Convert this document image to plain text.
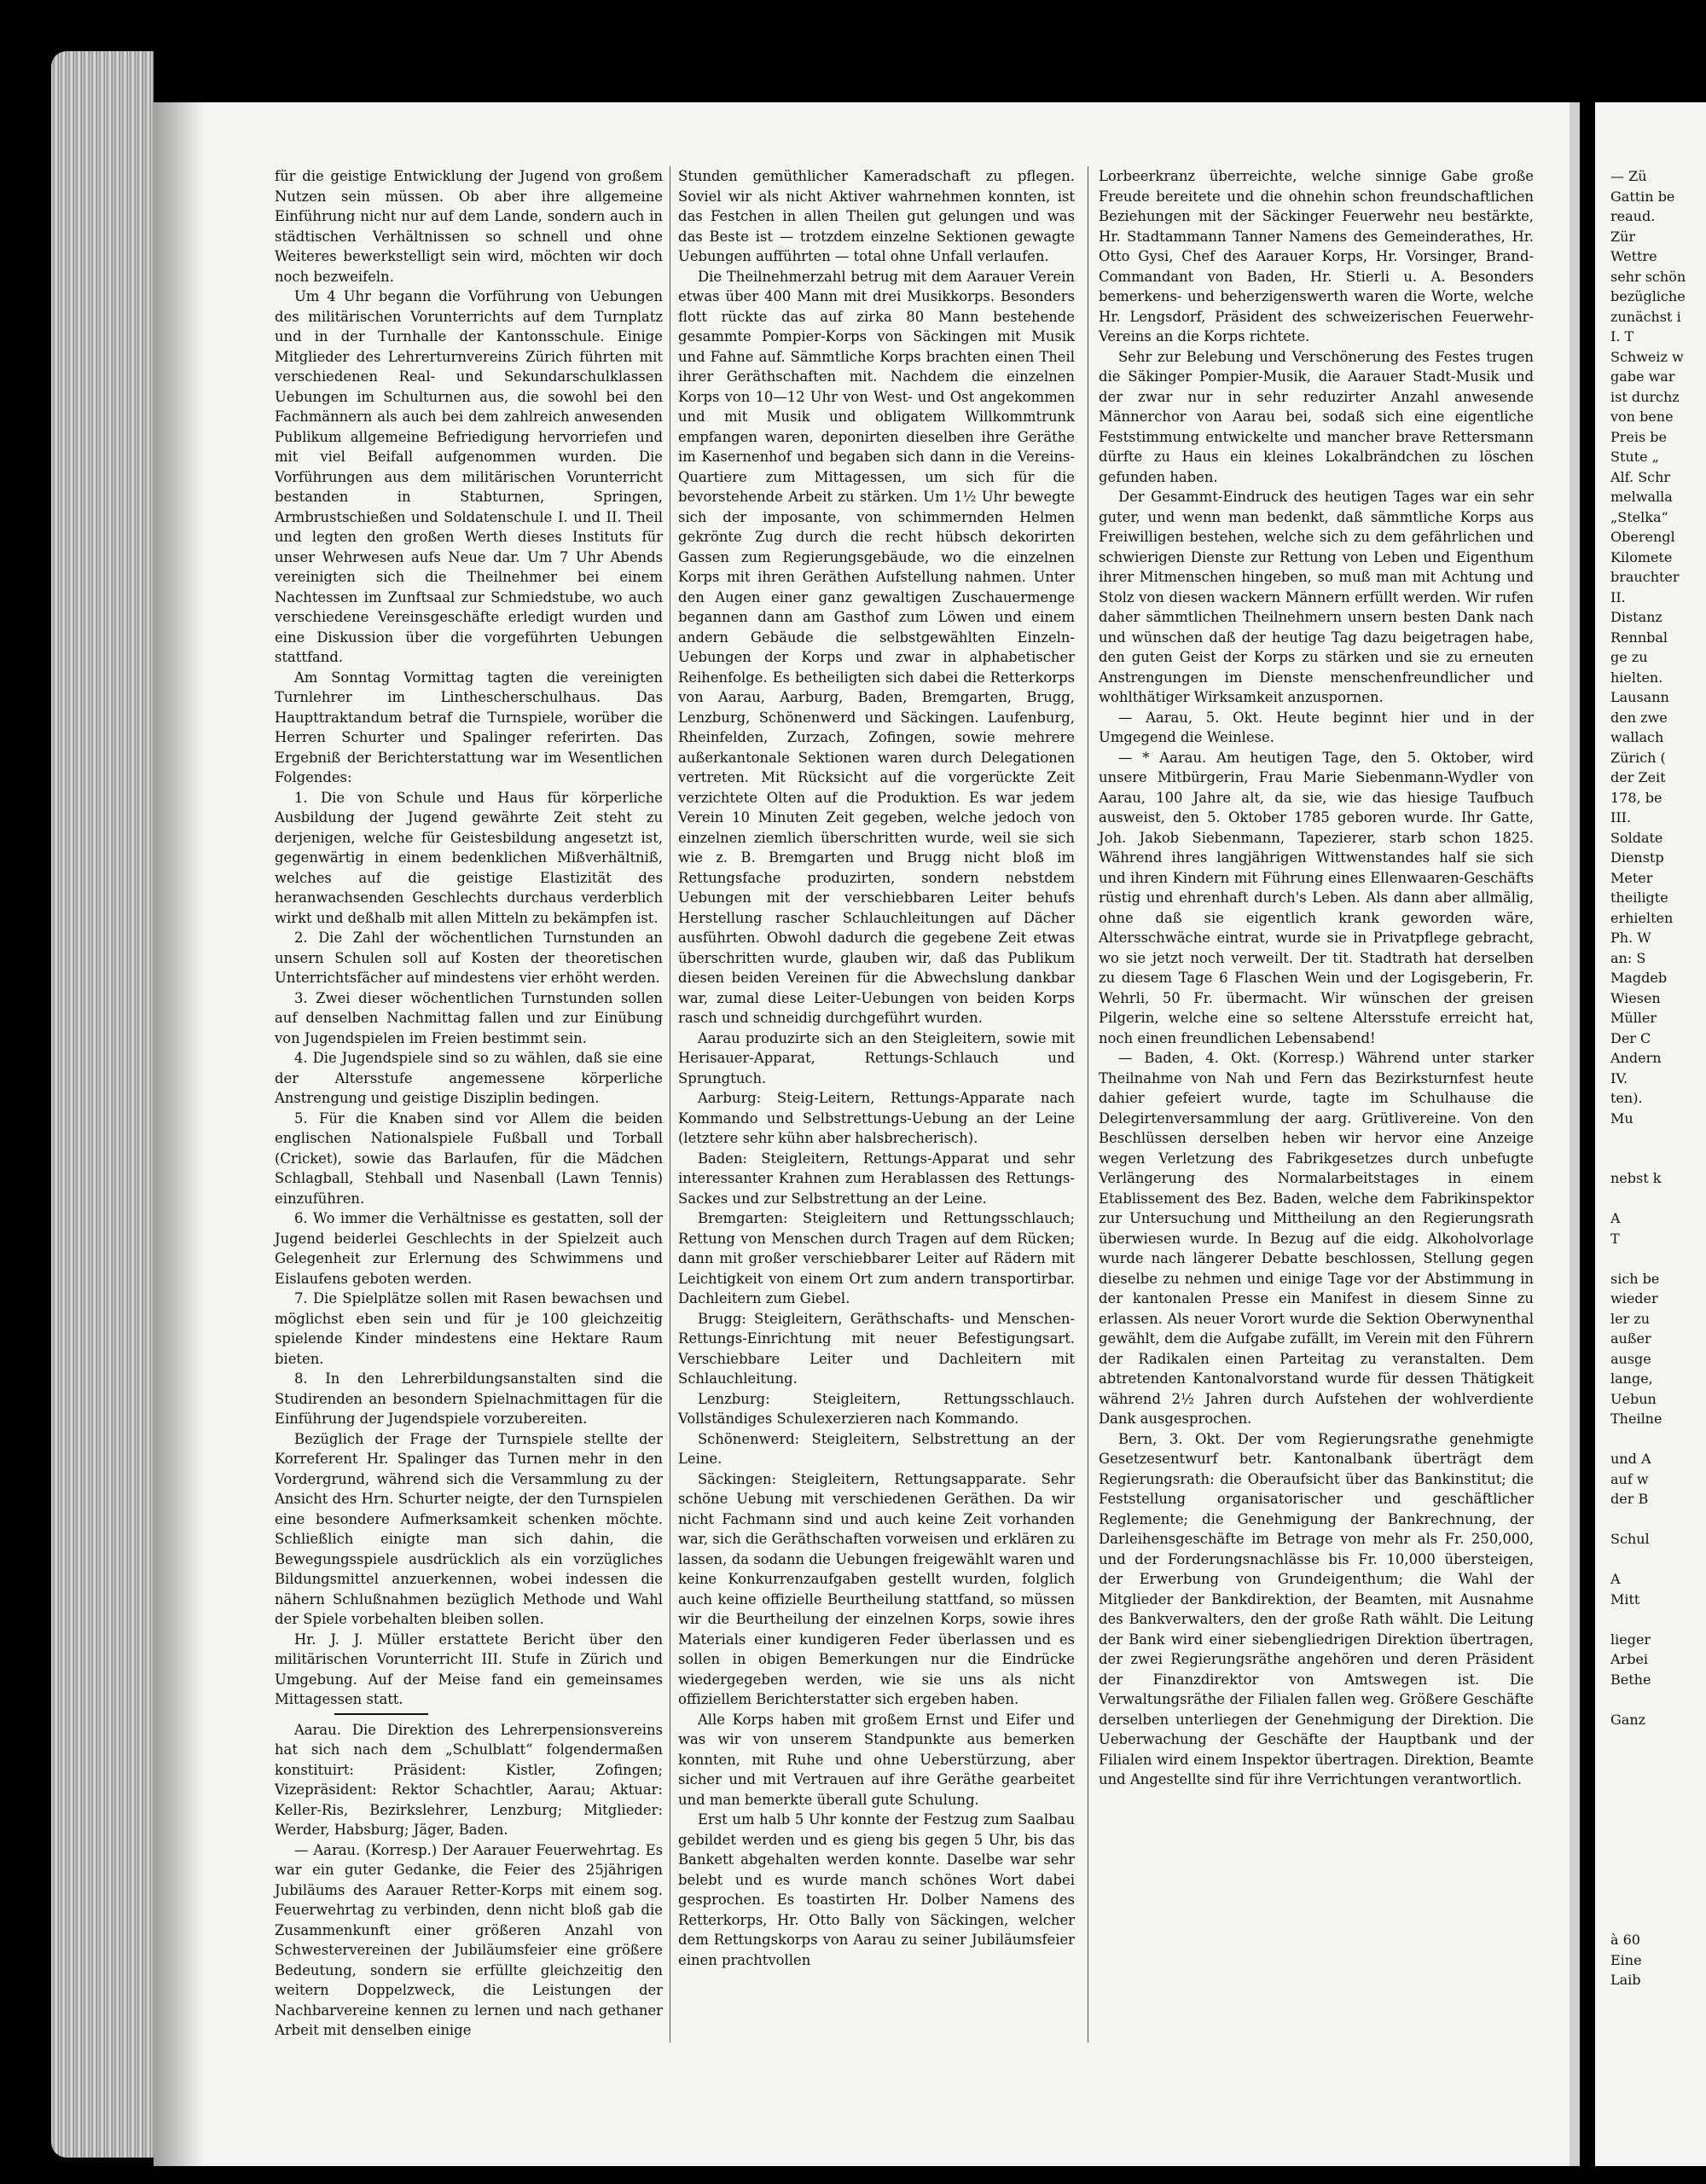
— Zü
Gattin be
reaud.
Zür
Wettre
sehr schön
bezügliche
zunächst i
I. T
Schweiz w
gabe war
ist durchz
von bene
Preis be
Stute „
Alf. Schr
melwalla
„Stelka“
Oberengl
Kilomete
brauchter
II.
Distanz
Rennbal
ge zu
hielten.
Lausann
den zwe
wallach
Zürich (
der Zeit
178, be
III.
Soldate
Dienstp
Meter
theiligte
erhielten
Ph. W
an: S
Magdeb
Wiesen
Müller
Der C
Andern
IV.
ten).
Mu
nebst k
A
T
sich be
wieder
ler zu
außer
ausge
lange,
Uebun
Theilne
und A
auf w
der B
Schul
A
Mitt
lieger
Arbei
Bethe
Ganz
à 60
Eine
Laib

für die geistige Entwicklung der Jugend von großem Nutzen sein müssen. Ob aber ihre allgemeine Einführung nicht nur auf dem Lande, sondern auch in städtischen Verhältnissen so schnell und ohne Weiteres bewerkstelligt sein wird, möchten wir doch noch bezweifeln.

Um 4 Uhr begann die Vorführung von Uebungen des militärischen Vorunterrichts auf dem Turnplatz und in der Turnhalle der Kantonsschule. Einige Mitglieder des Lehrerturnvereins Zürich führten mit verschiedenen Real- und Sekundarschulklassen Uebungen im Schulturnen aus, die sowohl bei den Fachmännern als auch bei dem zahlreich anwesenden Publikum allgemeine Befriedigung hervorriefen und mit viel Beifall aufgenommen wurden. Die Vorführungen aus dem militärischen Vorunterricht bestanden in Stabturnen, Springen, Armbrustschießen und Soldatenschule I. und II. Theil und legten den großen Werth dieses Instituts für unser Wehrwesen aufs Neue dar. Um 7 Uhr Abends vereinigten sich die Theilnehmer bei einem Nachtessen im Zunftsaal zur Schmiedstube, wo auch verschiedene Vereinsgeschäfte erledigt wurden und eine Diskussion über die vorgeführten Uebungen stattfand.

Am Sonntag Vormittag tagten die vereinigten Turnlehrer im Linthescherschulhaus. Das Haupttraktandum betraf die Turnspiele, worüber die Herren Schurter und Spalinger referirten. Das Ergebniß der Berichterstattung war im Wesentlichen Folgendes:

1. Die von Schule und Haus für körperliche Ausbildung der Jugend gewährte Zeit steht zu derjenigen, welche für Geistesbildung angesetzt ist, gegenwärtig in einem bedenklichen Mißverhältniß, welches auf die geistige Elastizität des heranwachsenden Geschlechts durchaus verderblich wirkt und deßhalb mit allen Mitteln zu bekämpfen ist.

2. Die Zahl der wöchentlichen Turnstunden an unsern Schulen soll auf Kosten der theoretischen Unterrichtsfächer auf mindestens vier erhöht werden.

3. Zwei dieser wöchentlichen Turnstunden sollen auf denselben Nachmittag fallen und zur Einübung von Jugendspielen im Freien bestimmt sein.

4. Die Jugendspiele sind so zu wählen, daß sie eine der Altersstufe angemessene körperliche Anstrengung und geistige Disziplin bedingen.

5. Für die Knaben sind vor Allem die beiden englischen Nationalspiele Fußball und Torball (Cricket), sowie das Barlaufen, für die Mädchen Schlagball, Stehball und Nasenball (Lawn Tennis) einzuführen.

6. Wo immer die Verhältnisse es gestatten, soll der Jugend beiderlei Geschlechts in der Spielzeit auch Gelegenheit zur Erlernung des Schwimmens und Eislaufens geboten werden.

7. Die Spielplätze sollen mit Rasen bewachsen und möglichst eben sein und für je 100 gleichzeitig spielende Kinder mindestens eine Hektare Raum bieten.

8. In den Lehrerbildungsanstalten sind die Studirenden an besondern Spielnachmittagen für die Einführung der Jugendspiele vorzubereiten.

Bezüglich der Frage der Turnspiele stellte der Korreferent Hr. Spalinger das Turnen mehr in den Vordergrund, während sich die Versammlung zu der Ansicht des Hrn. Schurter neigte, der den Turnspielen eine besondere Aufmerksamkeit schenken möchte. Schließlich einigte man sich dahin, die Bewegungsspiele ausdrücklich als ein vorzügliches Bildungsmittel anzuerkennen, wobei indessen die nähern Schlußnahmen bezüglich Methode und Wahl der Spiele vorbehalten bleiben sollen.

Hr. J. J. Müller erstattete Bericht über den militärischen Vorunterricht III. Stufe in Zürich und Umgebung. Auf der Meise fand ein gemeinsames Mittagessen statt.

Aarau. Die Direktion des Lehrerpensionsvereins hat sich nach dem „Schulblatt“ folgendermaßen konstituirt: Präsident: Kistler, Zofingen; Vizepräsident: Rektor Schachtler, Aarau; Aktuar: Keller-Ris, Bezirkslehrer, Lenzburg; Mitglieder: Werder, Habsburg; Jäger, Baden.

— Aarau. (Korresp.) Der Aarauer Feuerwehrtag. Es war ein guter Gedanke, die Feier des 25jährigen Jubiläums des Aarauer Retter-Korps mit einem sog. Feuerwehrtag zu verbinden, denn nicht bloß gab die Zusammenkunft einer größeren Anzahl von Schwestervereinen der Jubiläumsfeier eine größere Bedeutung, sondern sie erfüllte gleichzeitig den weitern Doppelzweck, die Leistungen der Nachbarvereine kennen zu lernen und nach gethaner Arbeit mit denselben einige

Stunden gemüthlicher Kameradschaft zu pflegen. Soviel wir als nicht Aktiver wahrnehmen konnten, ist das Festchen in allen Theilen gut gelungen und was das Beste ist — trotzdem einzelne Sektionen gewagte Uebungen aufführten — total ohne Unfall verlaufen.

Die Theilnehmerzahl betrug mit dem Aarauer Verein etwas über 400 Mann mit drei Musikkorps. Besonders flott rückte das auf zirka 80 Mann bestehende gesammte Pompier-Korps von Säckingen mit Musik und Fahne auf. Sämmtliche Korps brachten einen Theil ihrer Geräthschaften mit. Nachdem die einzelnen Korps von 10—12 Uhr von West- und Ost angekommen und mit Musik und obligatem Willkommtrunk empfangen waren, deponirten dieselben ihre Geräthe im Kasernenhof und begaben sich dann in die Vereins-Quartiere zum Mittagessen, um sich für die bevorstehende Arbeit zu stärken. Um 1½ Uhr bewegte sich der imposante, von schimmernden Helmen gekrönte Zug durch die recht hübsch dekorirten Gassen zum Regierungsgebäude, wo die einzelnen Korps mit ihren Geräthen Aufstellung nahmen. Unter den Augen einer ganz gewaltigen Zuschauermenge begannen dann am Gasthof zum Löwen und einem andern Gebäude die selbstgewählten Einzeln-Uebungen der Korps und zwar in alphabetischer Reihenfolge. Es betheiligten sich dabei die Retterkorps von Aarau, Aarburg, Baden, Bremgarten, Brugg, Lenzburg, Schönenwerd und Säckingen. Laufenburg, Rheinfelden, Zurzach, Zofingen, sowie mehrere außerkantonale Sektionen waren durch Delegationen vertreten. Mit Rücksicht auf die vorgerückte Zeit verzichtete Olten auf die Produktion. Es war jedem Verein 10 Minuten Zeit gegeben, welche jedoch von einzelnen ziemlich überschritten wurde, weil sie sich wie z. B. Bremgarten und Brugg nicht bloß im Rettungsfache produzirten, sondern nebstdem Uebungen mit der verschiebbaren Leiter behufs Herstellung rascher Schlauchleitungen auf Dächer ausführten. Obwohl dadurch die gegebene Zeit etwas überschritten wurde, glauben wir, daß das Publikum diesen beiden Vereinen für die Abwechslung dankbar war, zumal diese Leiter-Uebungen von beiden Korps rasch und schneidig durchgeführt wurden.

Aarau produzirte sich an den Steigleitern, sowie mit Herisauer-Apparat, Rettungs-Schlauch und Sprungtuch.

Aarburg: Steig-Leitern, Rettungs-Apparate nach Kommando und Selbstrettungs-Uebung an der Leine (letztere sehr kühn aber halsbrecherisch).

Baden: Steigleitern, Rettungs-Apparat und sehr interessanter Krahnen zum Herablassen des Rettungs-Sackes und zur Selbstrettung an der Leine.

Bremgarten: Steigleitern und Rettungsschlauch; Rettung von Menschen durch Tragen auf dem Rücken; dann mit großer verschiebbarer Leiter auf Rädern mit Leichtigkeit von einem Ort zum andern transportirbar. Dachleitern zum Giebel.

Brugg: Steigleitern, Geräthschafts- und Menschen-Rettungs-Einrichtung mit neuer Befestigungsart. Verschiebbare Leiter und Dachleitern mit Schlauchleitung.

Lenzburg: Steigleitern, Rettungsschlauch. Vollständiges Schulexerzieren nach Kommando.

Schönenwerd: Steigleitern, Selbstrettung an der Leine.

Säckingen: Steigleitern, Rettungsapparate. Sehr schöne Uebung mit verschiedenen Geräthen. Da wir nicht Fachmann sind und auch keine Zeit vorhanden war, sich die Geräthschaften vorweisen und erklären zu lassen, da sodann die Uebungen freigewählt waren und keine Konkurrenzaufgaben gestellt wurden, folglich auch keine offizielle Beurtheilung stattfand, so müssen wir die Beurtheilung der einzelnen Korps, sowie ihres Materials einer kundigeren Feder überlassen und es sollen in obigen Bemerkungen nur die Eindrücke wiedergegeben werden, wie sie uns als nicht offiziellem Berichterstatter sich ergeben haben.

Alle Korps haben mit großem Ernst und Eifer und was wir von unserem Standpunkte aus bemerken konnten, mit Ruhe und ohne Ueberstürzung, aber sicher und mit Vertrauen auf ihre Geräthe gearbeitet und man bemerkte überall gute Schulung.

Erst um halb 5 Uhr konnte der Festzug zum Saalbau gebildet werden und es gieng bis gegen 5 Uhr, bis das Bankett abgehalten werden konnte. Daselbe war sehr belebt und es wurde manch schönes Wort dabei gesprochen. Es toastirten Hr. Dolber Namens des Retterkorps, Hr. Otto Bally von Säckingen, welcher dem Rettungskorps von Aarau zu seiner Jubiläumsfeier einen prachtvollen

Lorbeerkranz überreichte, welche sinnige Gabe große Freude bereitete und die ohnehin schon freundschaftlichen Beziehungen mit der Säckinger Feuerwehr neu bestärkte, Hr. Stadtammann Tanner Namens des Gemeinderathes, Hr. Otto Gysi, Chef des Aarauer Korps, Hr. Vorsinger, Brand-Commandant von Baden, Hr. Stierli u. A. Besonders bemerkens- und beherzigenswerth waren die Worte, welche Hr. Lengsdorf, Präsident des schweizerischen Feuerwehr-Vereins an die Korps richtete.

Sehr zur Belebung und Verschönerung des Festes trugen die Säkinger Pompier-Musik, die Aarauer Stadt-Musik und der zwar nur in sehr reduzirter Anzahl anwesende Männerchor von Aarau bei, sodaß sich eine eigentliche Feststimmung entwickelte und mancher brave Rettersmann dürfte zu Haus ein kleines Lokalbrändchen zu löschen gefunden haben.

Der Gesammt-Eindruck des heutigen Tages war ein sehr guter, und wenn man bedenkt, daß sämmtliche Korps aus Freiwilligen bestehen, welche sich zu dem gefährlichen und schwierigen Dienste zur Rettung von Leben und Eigenthum ihrer Mitmenschen hingeben, so muß man mit Achtung und Stolz von diesen wackern Männern erfüllt werden. Wir rufen daher sämmtlichen Theilnehmern unsern besten Dank nach und wünschen daß der heutige Tag dazu beigetragen habe, den guten Geist der Korps zu stärken und sie zu erneuten Anstrengungen im Dienste menschenfreundlicher und wohlthätiger Wirksamkeit anzuspornen.

— Aarau, 5. Okt. Heute beginnt hier und in der Umgegend die Weinlese.

— * Aarau. Am heutigen Tage, den 5. Oktober, wird unsere Mitbürgerin, Frau Marie Siebenmann-Wydler von Aarau, 100 Jahre alt, da sie, wie das hiesige Taufbuch ausweist, den 5. Oktober 1785 geboren wurde. Ihr Gatte, Joh. Jakob Siebenmann, Tapezierer, starb schon 1825. Während ihres langjährigen Wittwenstandes half sie sich und ihren Kindern mit Führung eines Ellenwaaren-Geschäfts rüstig und ehrenhaft durch's Leben. Als dann aber allmälig, ohne daß sie eigentlich krank geworden wäre, Altersschwäche eintrat, wurde sie in Privatpflege gebracht, wo sie jetzt noch verweilt. Der tit. Stadtrath hat derselben zu diesem Tage 6 Flaschen Wein und der Logisgeberin, Fr. Wehrli, 50 Fr. übermacht. Wir wünschen der greisen Pilgerin, welche eine so seltene Altersstufe erreicht hat, noch einen freundlichen Lebensabend!

— Baden, 4. Okt. (Korresp.) Während unter starker Theilnahme von Nah und Fern das Bezirksturnfest heute dahier gefeiert wurde, tagte im Schulhause die Delegirtenversammlung der aarg. Grütlivereine. Von den Beschlüssen derselben heben wir hervor eine Anzeige wegen Verletzung des Fabrikgesetzes durch unbefugte Verlängerung des Normalarbeitstages in einem Etablissement des Bez. Baden, welche dem Fabrikinspektor zur Untersuchung und Mittheilung an den Regierungsrath überwiesen wurde. In Bezug auf die eidg. Alkoholvorlage wurde nach längerer Debatte beschlossen, Stellung gegen dieselbe zu nehmen und einige Tage vor der Abstimmung in der kantonalen Presse ein Manifest in diesem Sinne zu erlassen. Als neuer Vorort wurde die Sektion Oberwynenthal gewählt, dem die Aufgabe zufällt, im Verein mit den Führern der Radikalen einen Parteitag zu veranstalten. Dem abtretenden Kantonalvorstand wurde für dessen Thätigkeit während 2½ Jahren durch Aufstehen der wohlverdiente Dank ausgesprochen.

Bern, 3. Okt. Der vom Regierungsrathe genehmigte Gesetzesentwurf betr. Kantonalbank überträgt dem Regierungsrath: die Oberaufsicht über das Bankinstitut; die Feststellung organisatorischer und geschäftlicher Reglemente; die Genehmigung der Bankrechnung, der Darleihensgeschäfte im Betrage von mehr als Fr. 250,000, und der Forderungsnachlässe bis Fr. 10,000 übersteigen, der Erwerbung von Grundeigenthum; die Wahl der Mitglieder der Bankdirektion, der Beamten, mit Ausnahme des Bankverwalters, den der große Rath wählt. Die Leitung der Bank wird einer siebengliedrigen Direktion übertragen, der zwei Regierungsräthe angehören und deren Präsident der Finanzdirektor von Amtswegen ist. Die Verwaltungsräthe der Filialen fallen weg. Größere Geschäfte derselben unterliegen der Genehmigung der Direktion. Die Ueberwachung der Geschäfte der Hauptbank und der Filialen wird einem Inspektor übertragen. Direktion, Beamte und Angestellte sind für ihre Verrichtungen verantwortlich.
